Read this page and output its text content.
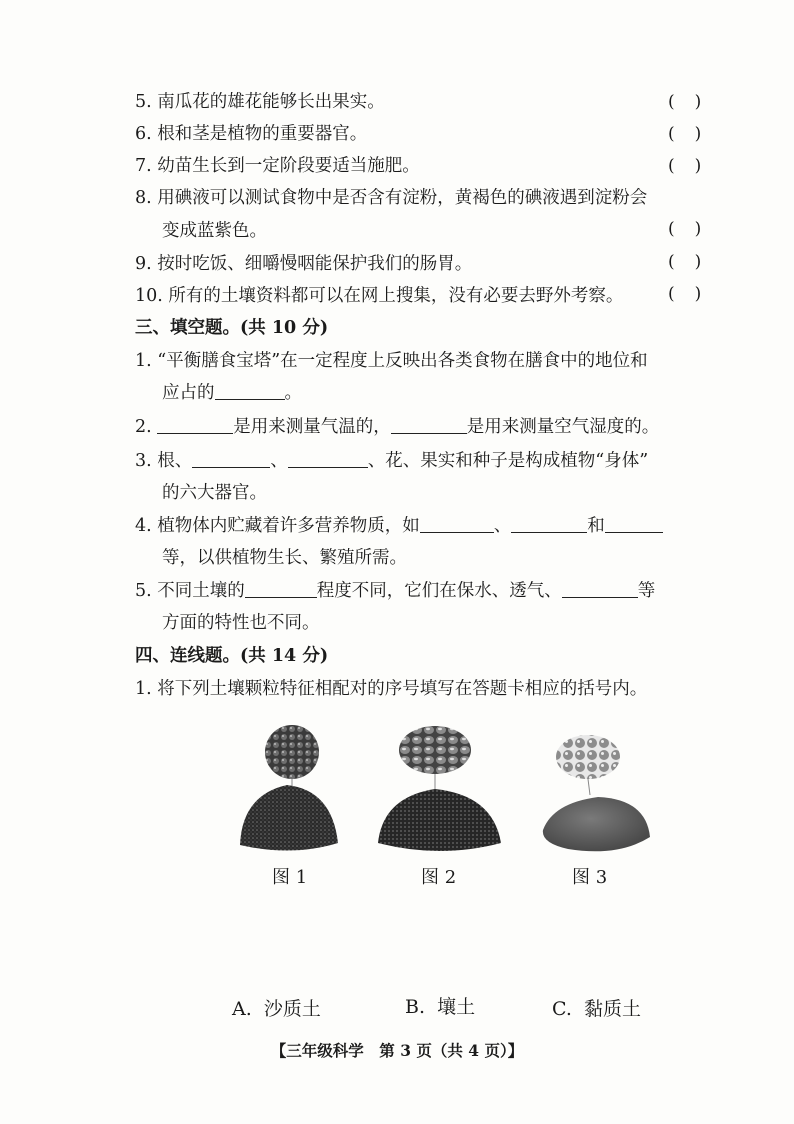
5. 南瓜花的雄花能够长出果实。	()
6. 根和茎是植物的重要器官。	()
7. 幼苗生长到一定阶段要适当施肥。	()
8. 用碘液可以测试食物中是否含有淀粉，黄褐色的碘液遇到淀粉会
变成蓝紫色。	()
9. 按时吃饭、细嚼慢咽能保护我们的肠胃。	()
10. 所有的土壤资料都可以在网上搜集，没有必要去野外考察。	()
三、填空题。(共 10 分)
1. “平衡膳食宝塔”在一定程度上反映出各类食物在膳食中的地位和
应占的	。
2.	是用来测量气温的，	是用来测量空气湿度的。
3. 根、	、	、花、果实和种子是构成植物“身体”
的六大器官。
4. 植物体内贮藏着许多营养物质，如	、	和
等，以供植物生长、繁殖所需。
5. 不同土壤的	程度不同，它们在保水、透气、	等
方面的特性也不同。
四、连线题。(共 14 分)
1. 将下列土壤颗粒特征相配对的序号填写在答题卡相应的括号内。
图 1	图 2	图 3
A. 沙质土	B. 壤土	C. 黏质土
【三年级科学　第 3 页（共 4 页）】
